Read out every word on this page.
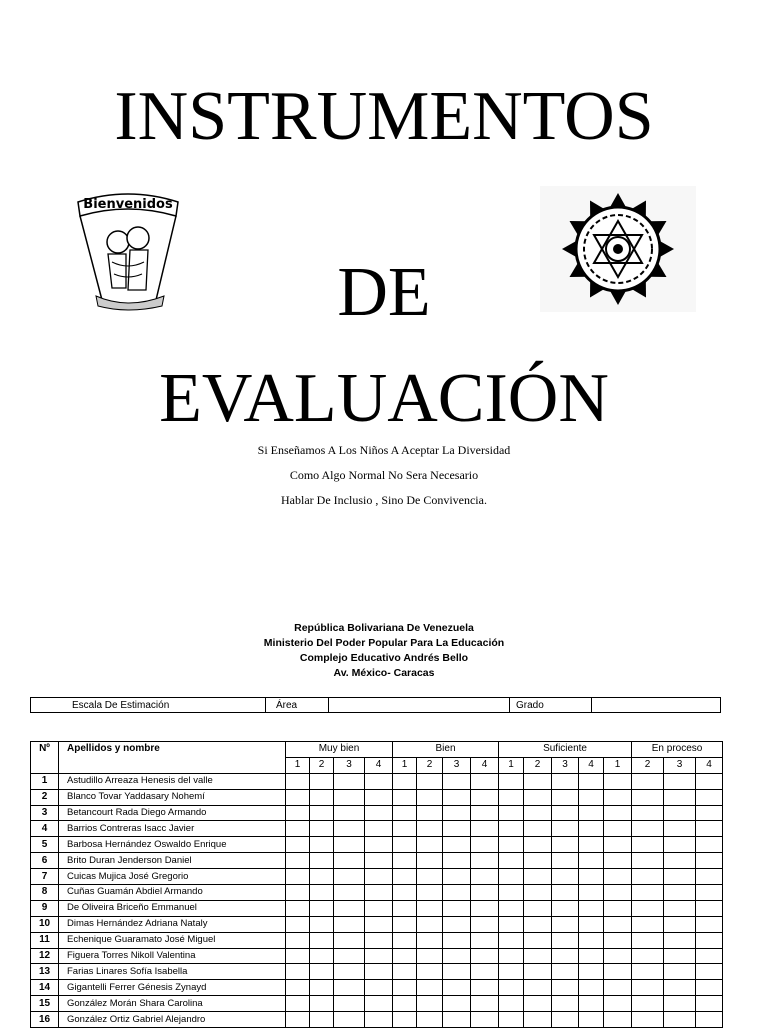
INSTRUMENTOS
DE
EVALUACIÓN
Bienvenidos
Si Enseñamos A Los Niños A Aceptar La Diversidad
Como Algo Normal No Sera Necesario
Hablar De Inclusio , Sino De Convivencia.
República Bolivariana De Venezuela
Ministerio Del Poder Popular Para La Educación
Complejo Educativo Andrés Bello
Av. México- Caracas
Escala De Estimación	Área		Grado	
Nº	Apellidos y nombre	Muy bien				Bien				Suficiente					En proceso		
		1	2	3	4	1	2	3	4	1	2	3	4	1	2	3	4
1	Astudillo Arreaza Henesis del valle																
2	Blanco Tovar Yaddasary Nohemí																
3	Betancourt Rada Diego Armando																
4	Barrios Contreras Isacc Javier																
5	Barbosa Hernández Oswaldo Enrique																
6	Brito Duran Jenderson Daniel																
7	Cuicas Mujica José Gregorio																
8	Cuñas Guamán Abdiel Armando																
9	De Oliveira Briceño Emmanuel																
10	Dimas Hernández Adriana Nataly																
11	Echenique Guaramato José Miguel																
12	Figuera Torres Nikoll Valentina																
13	Farias Linares Sofía Isabella																
14	Gigantelli Ferrer Génesis Zynayd																
15	González Morán Shara Carolina																
16	González Ortiz Gabriel Alejandro																
